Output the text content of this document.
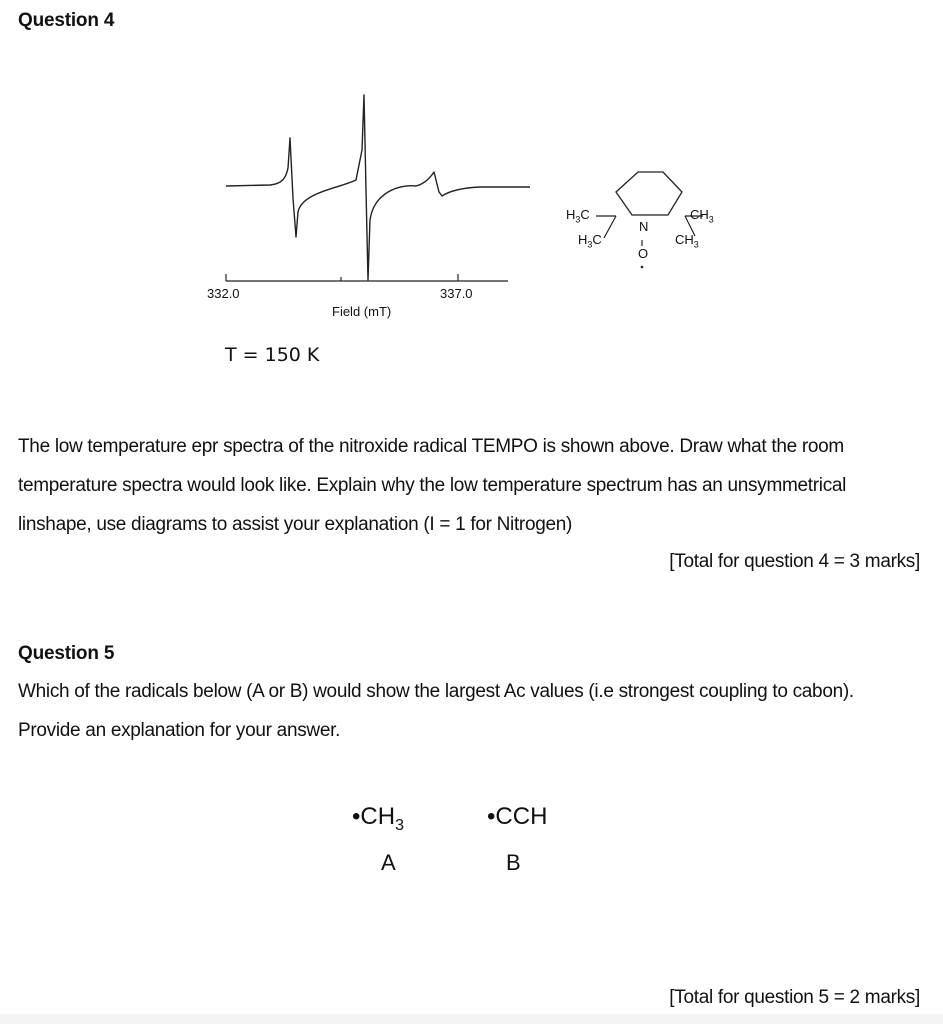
Question 4
332.0	337.0
Field (mT)
T = 150 K
N
O
$H_3C$
$H_3C$
$CH_3$
$CH_3$
The low temperature epr spectra of the nitroxide radical TEMPO is shown above. Draw what the room temperature spectra would look like. Explain why the low temperature spectrum has an unsymmetrical linshape, use diagrams to assist your explanation (I = 1 for Nitrogen)
[Total for question 4 = 3 marks]
Question 5
Which of the radicals below (A or B) would show the largest Ac values (i.e strongest coupling to cabon).
Provide an explanation for your answer.
$•CH_3$	•CCH
A	B
[Total for question 5 = 2 marks]
